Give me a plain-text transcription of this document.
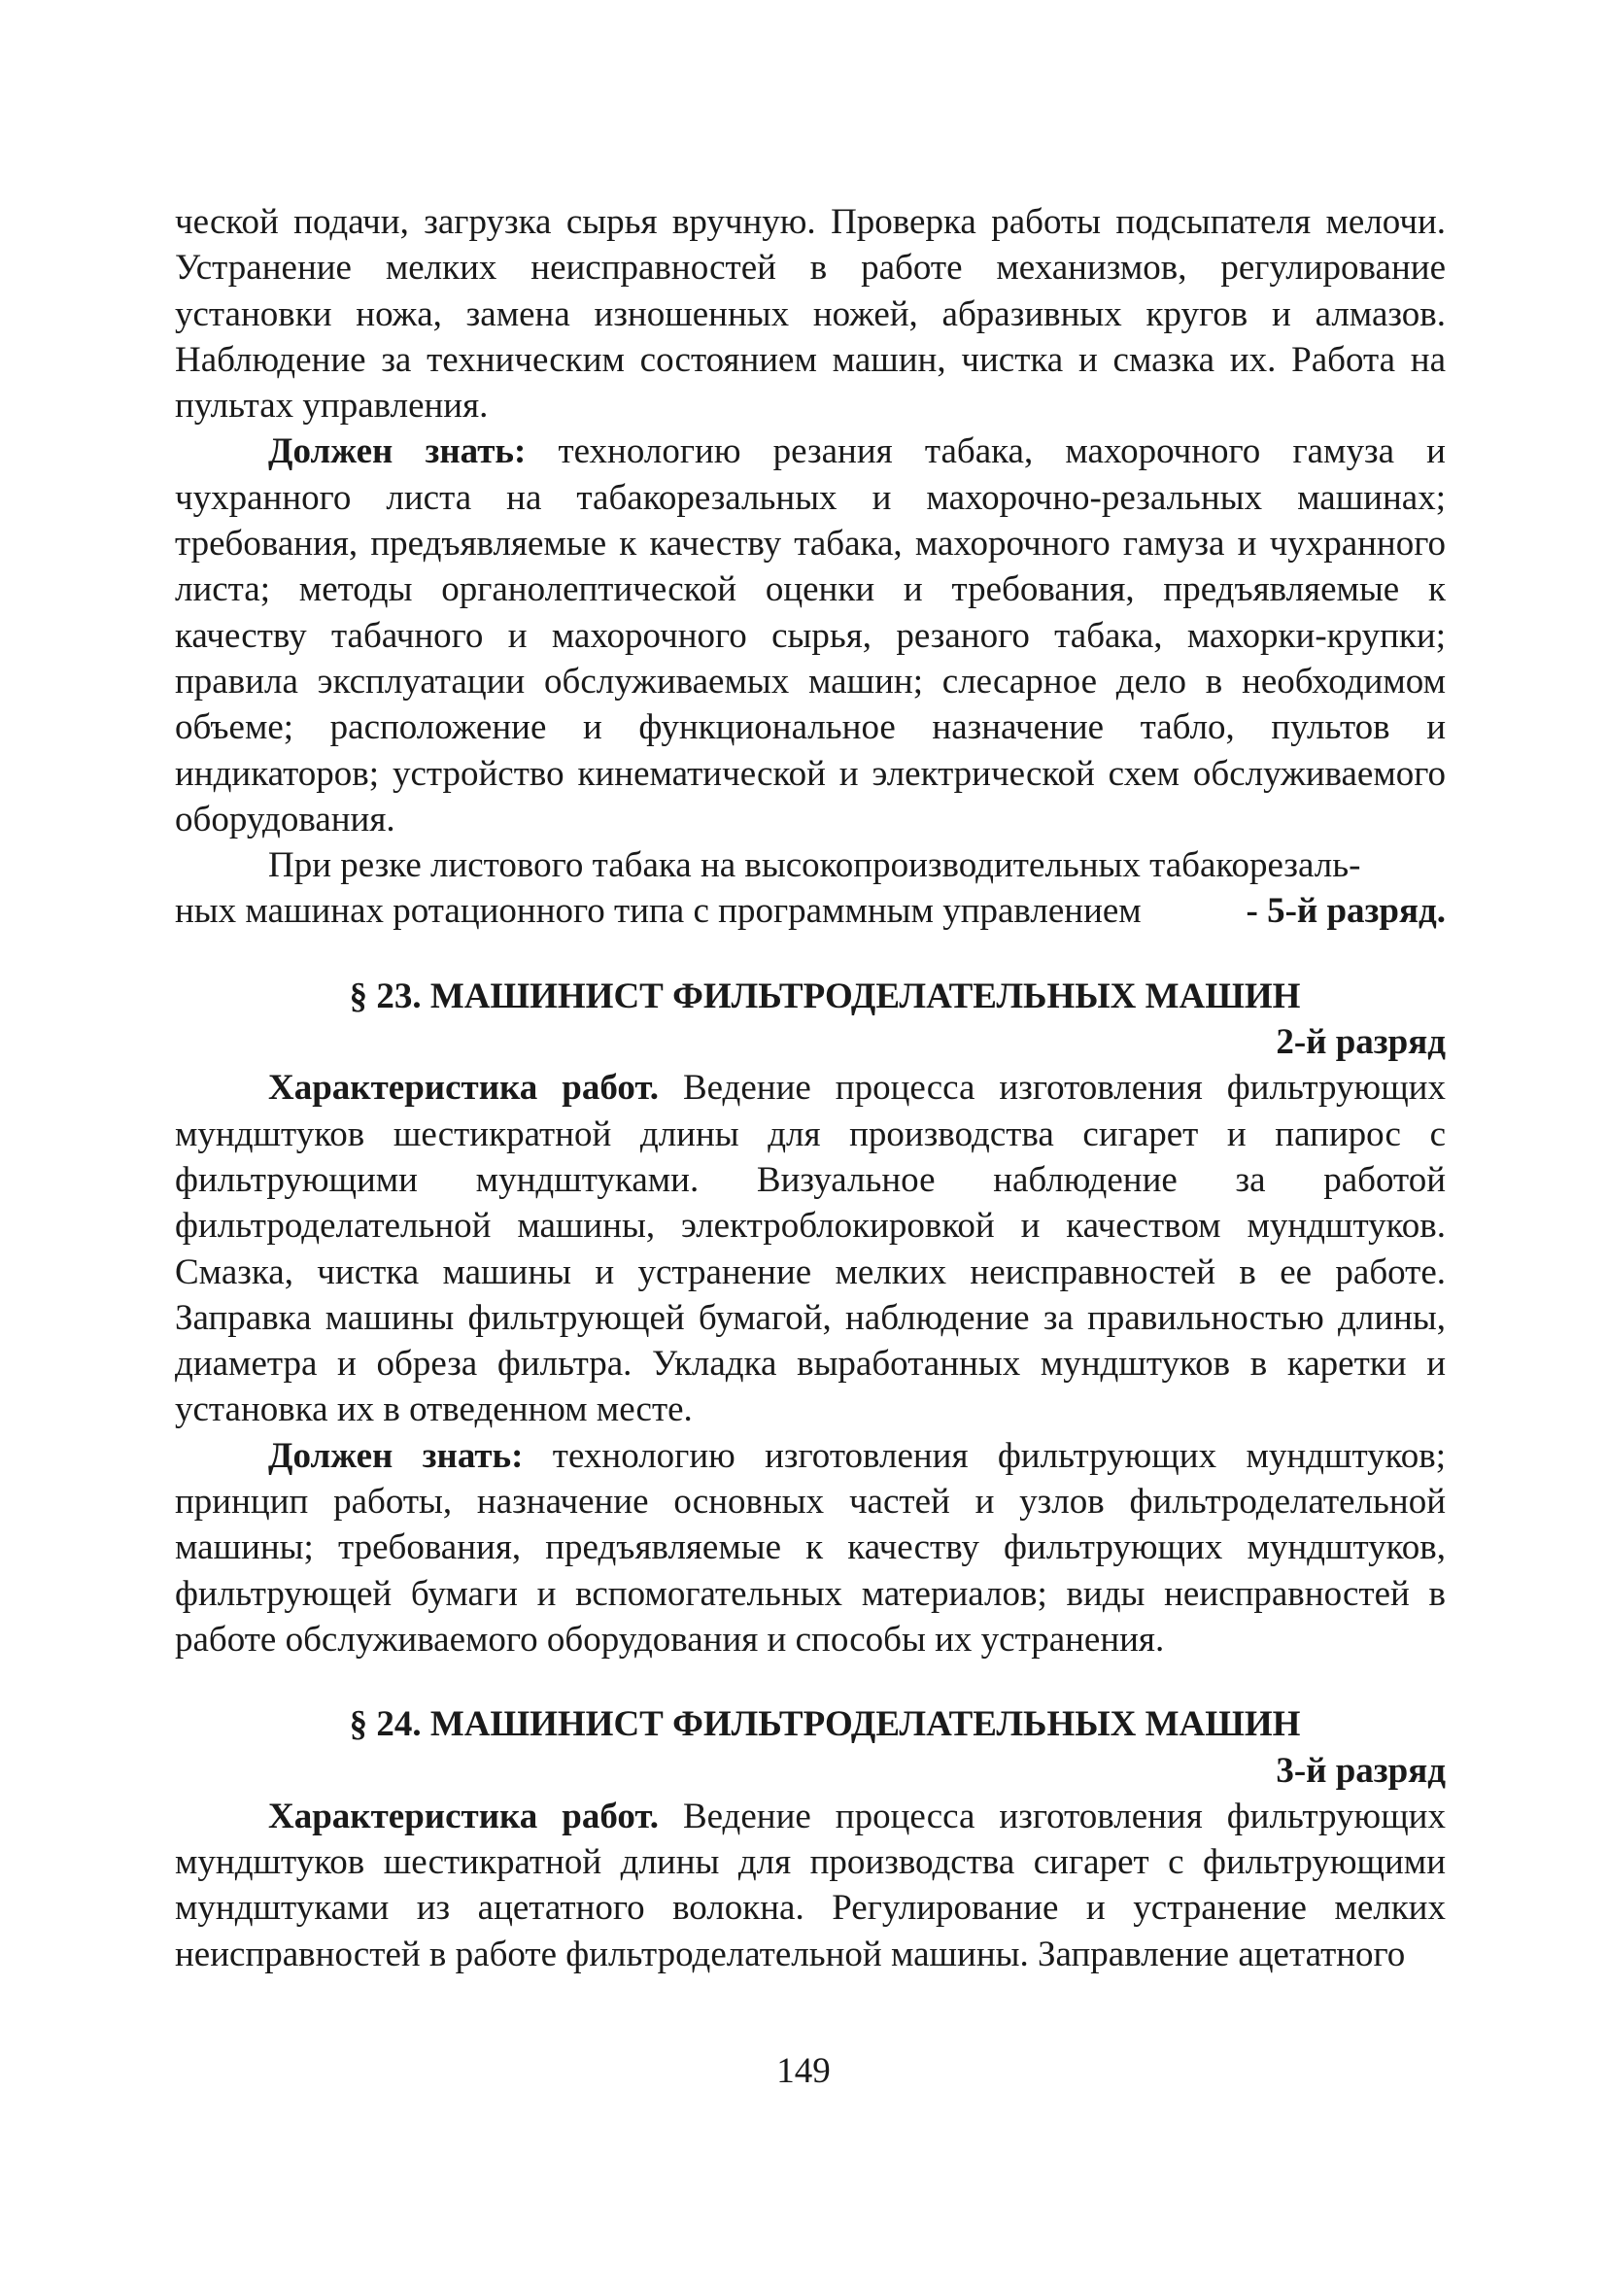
ческой подачи, загрузка сырья вручную. Проверка работы подсыпателя мелочи. Устранение мелких неисправностей в работе механизмов, регулирование установки ножа, замена изношенных ножей, абразивных кругов и алмазов. Наблюдение за техническим состоянием машин, чистка и смазка их. Работа на пультах управления.

Должен знать: технологию резания табака, махорочного гамуза и чухранного листа на табакорезальных и махорочно-резальных машинах; требования, предъявляемые к качеству табака, махорочного гамуза и чухранного листа; методы органолептической оценки и требования, предъявляемые к качеству табачного и махорочного сырья, резаного табака, махорки-крупки; правила эксплуатации обслуживаемых машин; слесарное дело в необходимом объеме; расположение и функциональное назначение табло, пультов и индикаторов; устройство кинематической и электрической схем обслуживаемого оборудования.

При резке листового табака на высокопроизводительных табакорезаль-

ных машинах ротационного типа с программным управлением	- 5-й разряд.
§ 23. МАШИНИСТ ФИЛЬТРОДЕЛАТЕЛЬНЫХ МАШИН
2-й разряд

Характеристика работ. Ведение процесса изготовления фильтрующих мундштуков шестикратной длины для производства сигарет и папирос с фильтрующими мундштуками. Визуальное наблюдение за работой фильтроделательной машины, электроблокировкой и качеством мундштуков. Смазка, чистка машины и устранение мелких неисправностей в ее работе. Заправка машины фильтрующей бумагой, наблюдение за правильностью длины, диаметра и обреза фильтра. Укладка выработанных мундштуков в каретки и установка их в отведенном месте.

Должен знать: технологию изготовления фильтрующих мундштуков; принцип работы, назначение основных частей и узлов фильтроделательной машины; требования, предъявляемые к качеству фильтрующих мундштуков, фильтрующей бумаги и вспомогательных материалов; виды неисправностей в работе обслуживаемого оборудования и способы их устранения.

§ 24. МАШИНИСТ ФИЛЬТРОДЕЛАТЕЛЬНЫХ МАШИН
3-й разряд

Характеристика работ. Ведение процесса изготовления фильтрующих мундштуков шестикратной длины для производства сигарет с фильтрующими мундштуками из ацетатного волокна. Регулирование и устранение мелких неисправностей в работе фильтроделательной машины. Заправление ацетатного

149
